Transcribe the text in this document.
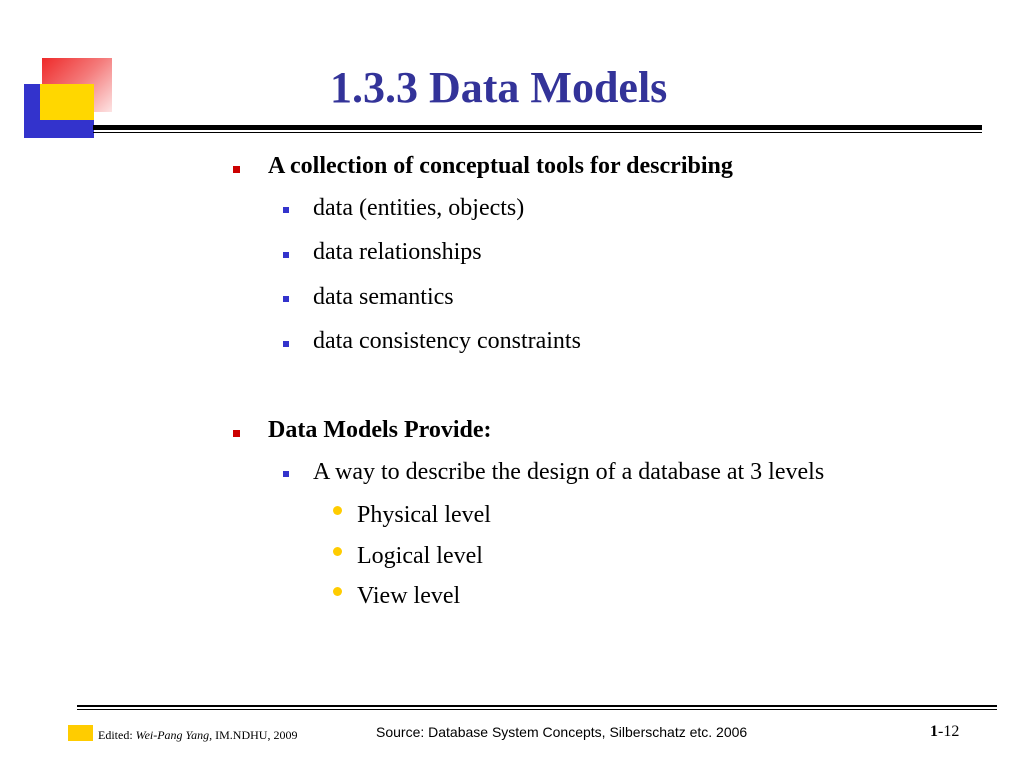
1.3.3 Data Models
A collection of conceptual tools for describing
data (entities, objects)
data relationships
data semantics
data consistency constraints
Data Models Provide:
A way to describe the design of a database at 3 levels
Physical level
Logical level
View level
Edited: Wei-Pang Yang, IM.NDHU, 2009	Source: Database System Concepts, Silberschatz etc. 2006	1-12
